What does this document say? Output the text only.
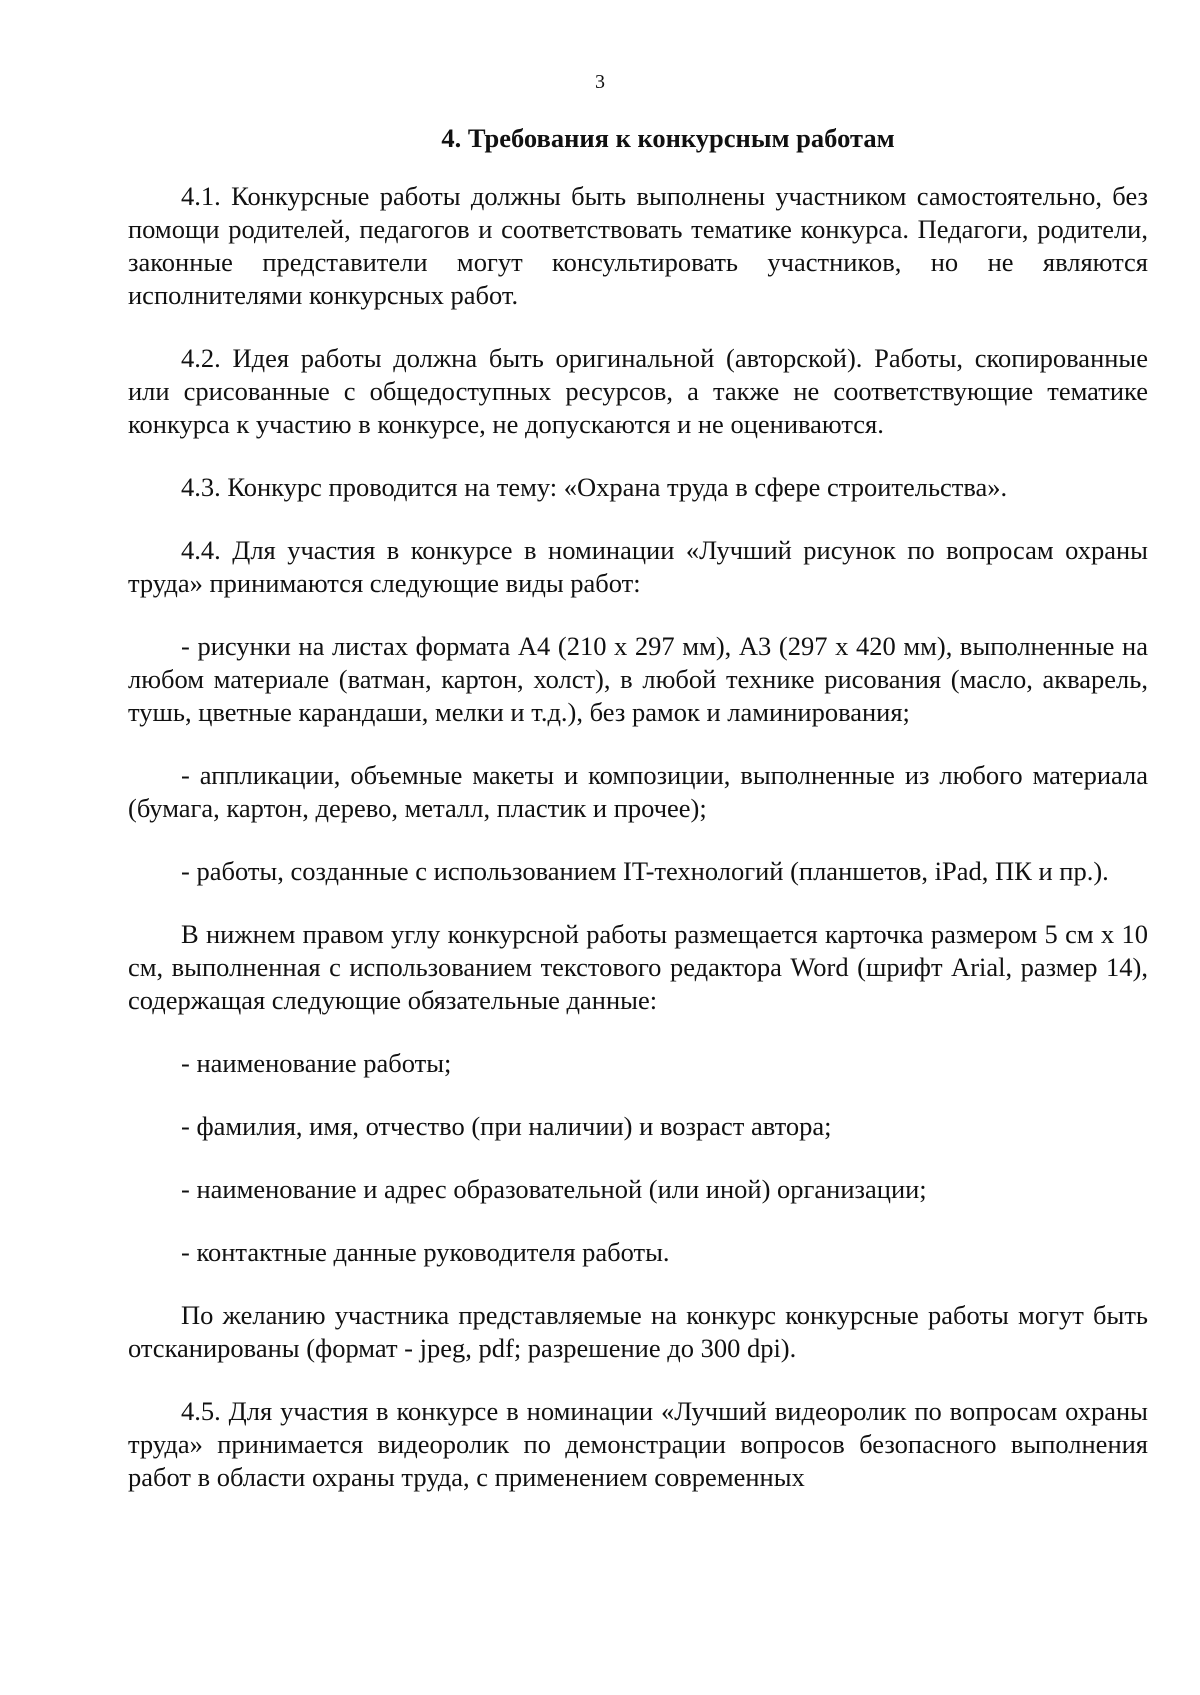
3
4. Требования к конкурсным работам

4.1. Конкурсные работы должны быть выполнены участником самостоятельно, без помощи родителей, педагогов и соответствовать тематике конкурса. Педагоги, родители, законные представители могут консультировать участников, но не являются исполнителями конкурсных работ.

4.2. Идея работы должна быть оригинальной (авторской). Работы, скопированные или срисованные с общедоступных ресурсов, а также не соответствующие тематике конкурса к участию в конкурсе, не допускаются и не оцениваются.

4.3. Конкурс проводится на тему: «Охрана труда в сфере строительства».

4.4. Для участия в конкурсе в номинации «Лучший рисунок по вопросам охраны труда» принимаются следующие виды работ:

- рисунки на листах формата А4 (210 х 297 мм), А3 (297 х 420 мм), выполненные на любом материале (ватман, картон, холст), в любой технике рисования (масло, акварель, тушь, цветные карандаши, мелки и т.д.), без рамок и ламинирования;

- аппликации, объемные макеты и композиции, выполненные из любого материала (бумага, картон, дерево, металл, пластик и прочее);

- работы, созданные с использованием IT-технологий (планшетов, iPad, ПК и пр.).

В нижнем правом углу конкурсной работы размещается карточка размером 5 см х 10 см, выполненная с использованием текстового редактора Word (шрифт Arial, размер 14), содержащая следующие обязательные данные:

- наименование работы;

- фамилия, имя, отчество (при наличии) и возраст автора;

- наименование и адрес образовательной (или иной) организации;

- контактные данные руководителя работы.

По желанию участника представляемые на конкурс конкурсные работы могут быть отсканированы (формат - jpeg, pdf; разрешение до 300 dpi).

4.5. Для участия в конкурсе в номинации «Лучший видеоролик по вопросам охраны труда» принимается видеоролик по демонстрации вопросов безопасного выполнения работ в области охраны труда, с применением современных
